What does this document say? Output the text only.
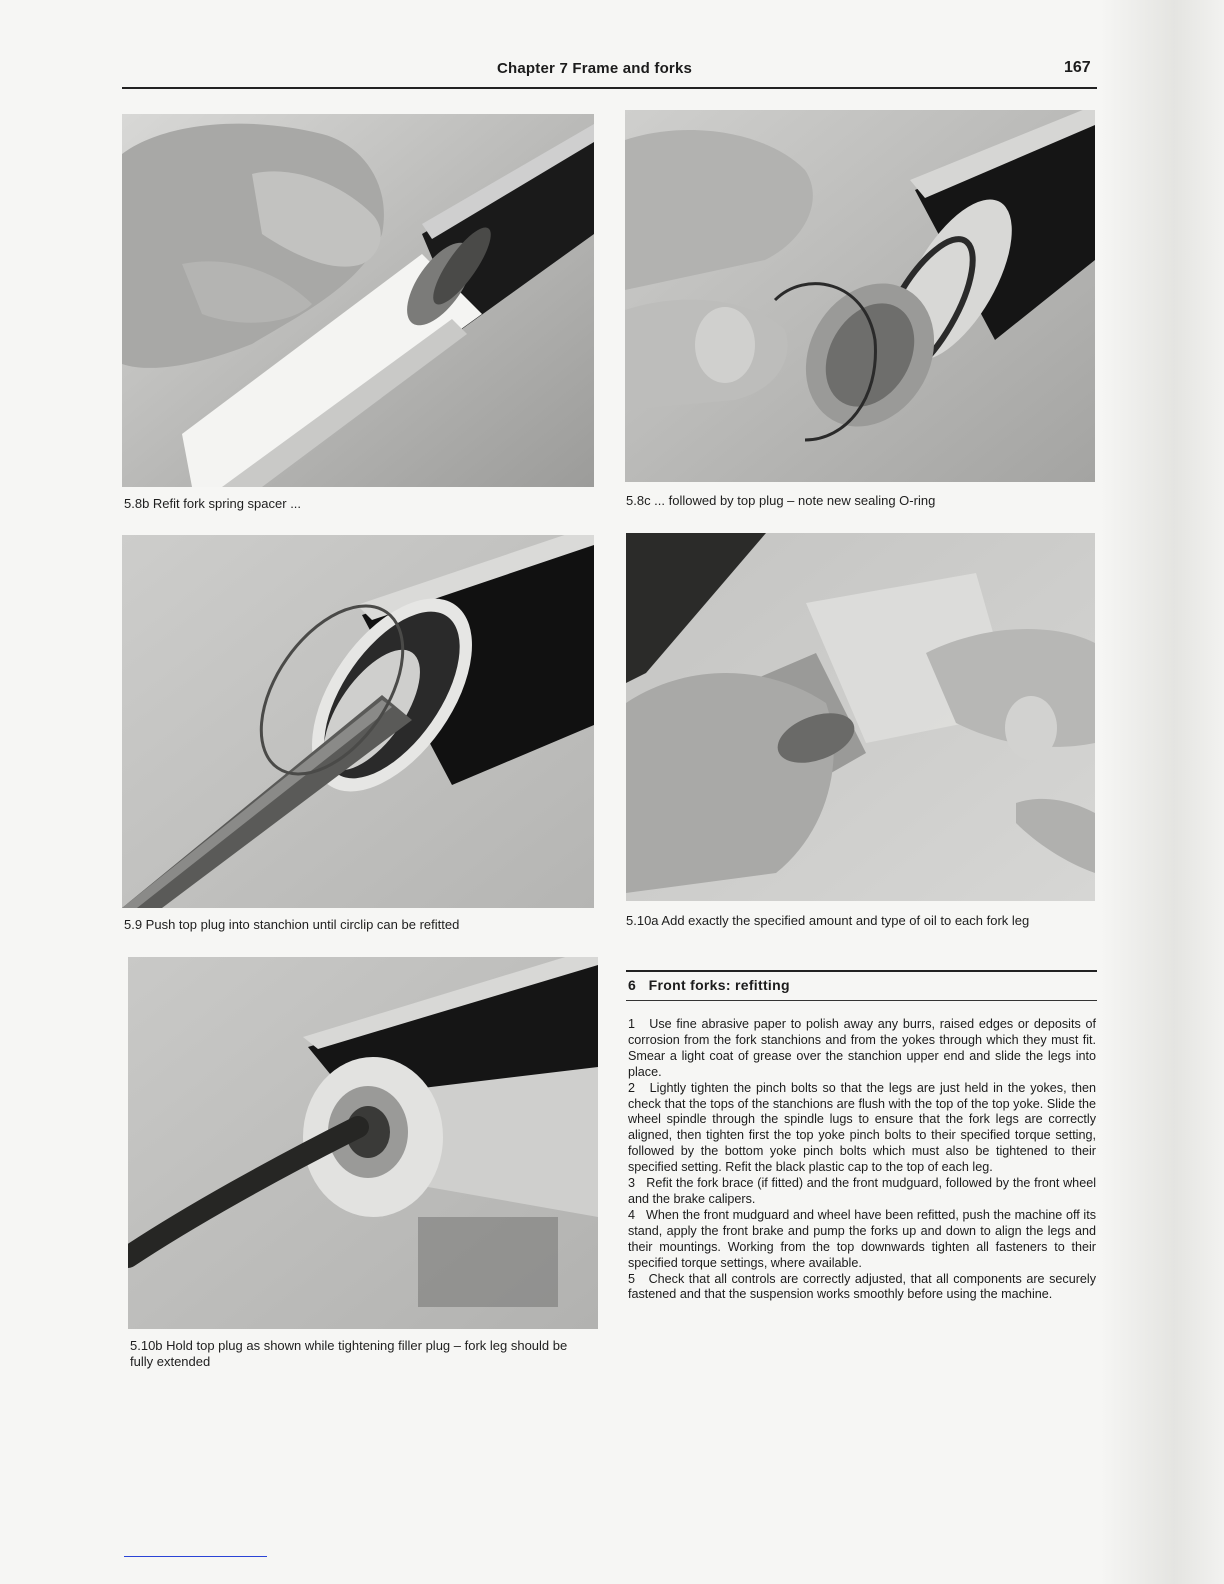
Chapter 7 Frame and forks	167
5.8b Refit fork spring spacer ...	5.8c ... followed by top plug – note new sealing O-ring
5.9 Push top plug into stanchion until circlip can be refitted	5.10a Add exactly the specified amount and type of oil to each fork leg
5.10b Hold top plug as shown while tightening filler plug – fork leg should be fully extended
6   Front forks: refitting

1   Use fine abrasive paper to polish away any burrs, raised edges or deposits of corrosion from the fork stanchions and from the yokes through which they must fit. Smear a light coat of grease over the stanchion upper end and slide the legs into place.

2   Lightly tighten the pinch bolts so that the legs are just held in the yokes, then check that the tops of the stanchions are flush with the top of the top yoke. Slide the wheel spindle through the spindle lugs to ensure that the fork legs are correctly aligned, then tighten first the top yoke pinch bolts to their specified torque setting, followed by the bottom yoke pinch bolts which must also be tightened to their specified setting. Refit the black plastic cap to the top of each leg.

3   Refit the fork brace (if fitted) and the front mudguard, followed by the front wheel and the brake calipers.

4   When the front mudguard and wheel have been refitted, push the machine off its stand, apply the front brake and pump the forks up and down to align the legs and their mountings. Working from the top downwards tighten all fasteners to their specified torque settings, where available.

5   Check that all controls are correctly adjusted, that all components are securely fastened and that the suspension works smoothly before using the machine.
